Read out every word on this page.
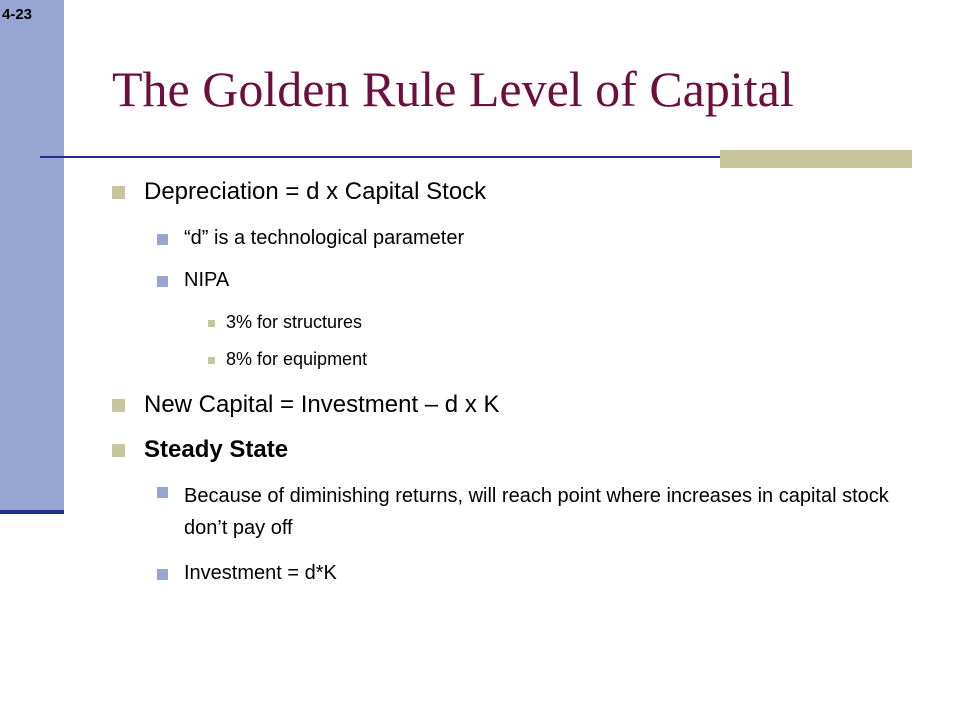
4-23
The Golden Rule Level of Capital
Depreciation = d x Capital Stock
“d” is a technological parameter
NIPA
3% for structures
8% for equipment
New Capital = Investment – d x K
Steady State
Because of diminishing returns, will reach point where increases in capital stock don’t pay off
Investment = d*K
